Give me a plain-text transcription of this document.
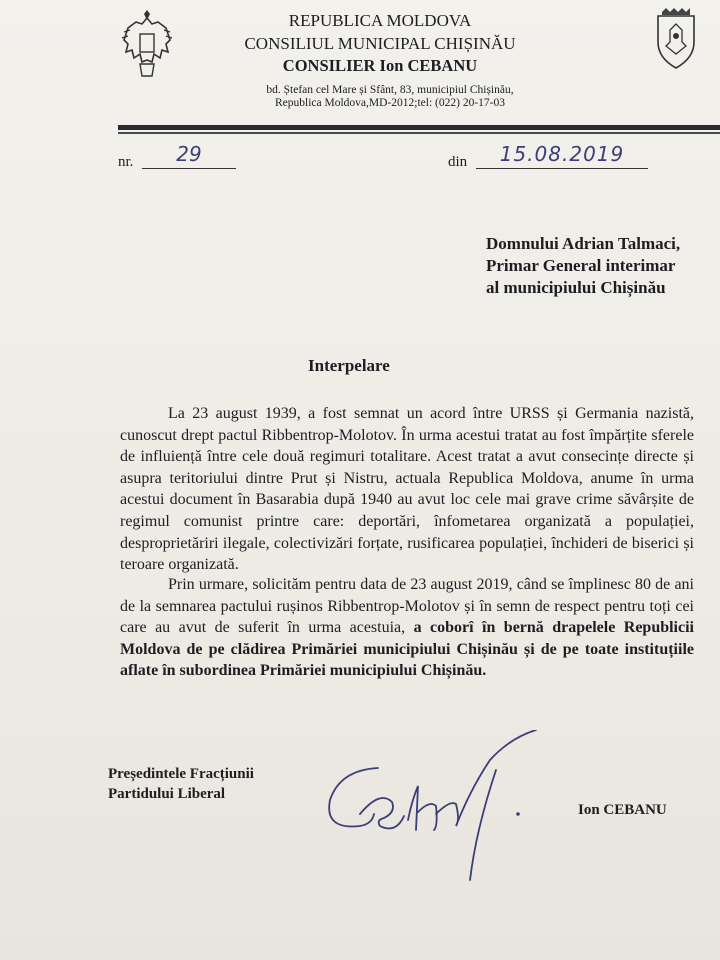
REPUBLICA MOLDOVA
CONSILIUL MUNICIPAL CHIȘINĂU
CONSILIER Ion CEBANU
bd. Ștefan cel Mare și Sfânt, 83, municipiul Chișinău,
Republica Moldova,MD-2012;tel: (022) 20-17-03
nr.	29	din	15.08.2019
Domnului Adrian Talmaci,
Primar General interimar
al municipiului Chișinău
Interpelare
La 23 august 1939, a fost semnat un acord între URSS și Germania nazistă, cunoscut drept pactul Ribbentrop-Molotov. În urma acestui tratat au fost împărțite sferele de influiență între cele două regimuri totalitare. Acest tratat a avut consecințe directe și asupra teritoriului dintre Prut și Nistru, actuala Republica Moldova, anume în urma acestui document în Basarabia după 1940 au avut loc cele mai grave crime săvârșite de regimul comunist printre care: deportări, înfometarea organizată a populației, desproprietăriri ilegale, colectivizări forțate, rusificarea populației, închideri de biserici și teroare organizată.
Prin urmare, solicităm pentru data de 23 august 2019, când se împlinesc 80 de ani de la semnarea pactului rușinos Ribbentrop-Molotov și în semn de respect pentru toți cei care au avut de suferit în urma acestuia, a coborî în bernă drapelele Republicii Moldova de pe clădirea Primăriei municipiului Chișinău și de pe toate instituțiile aflate în subordinea Primăriei municipiului Chișinău.
Președintele Fracțiunii
Partidului Liberal
Ion CEBANU
